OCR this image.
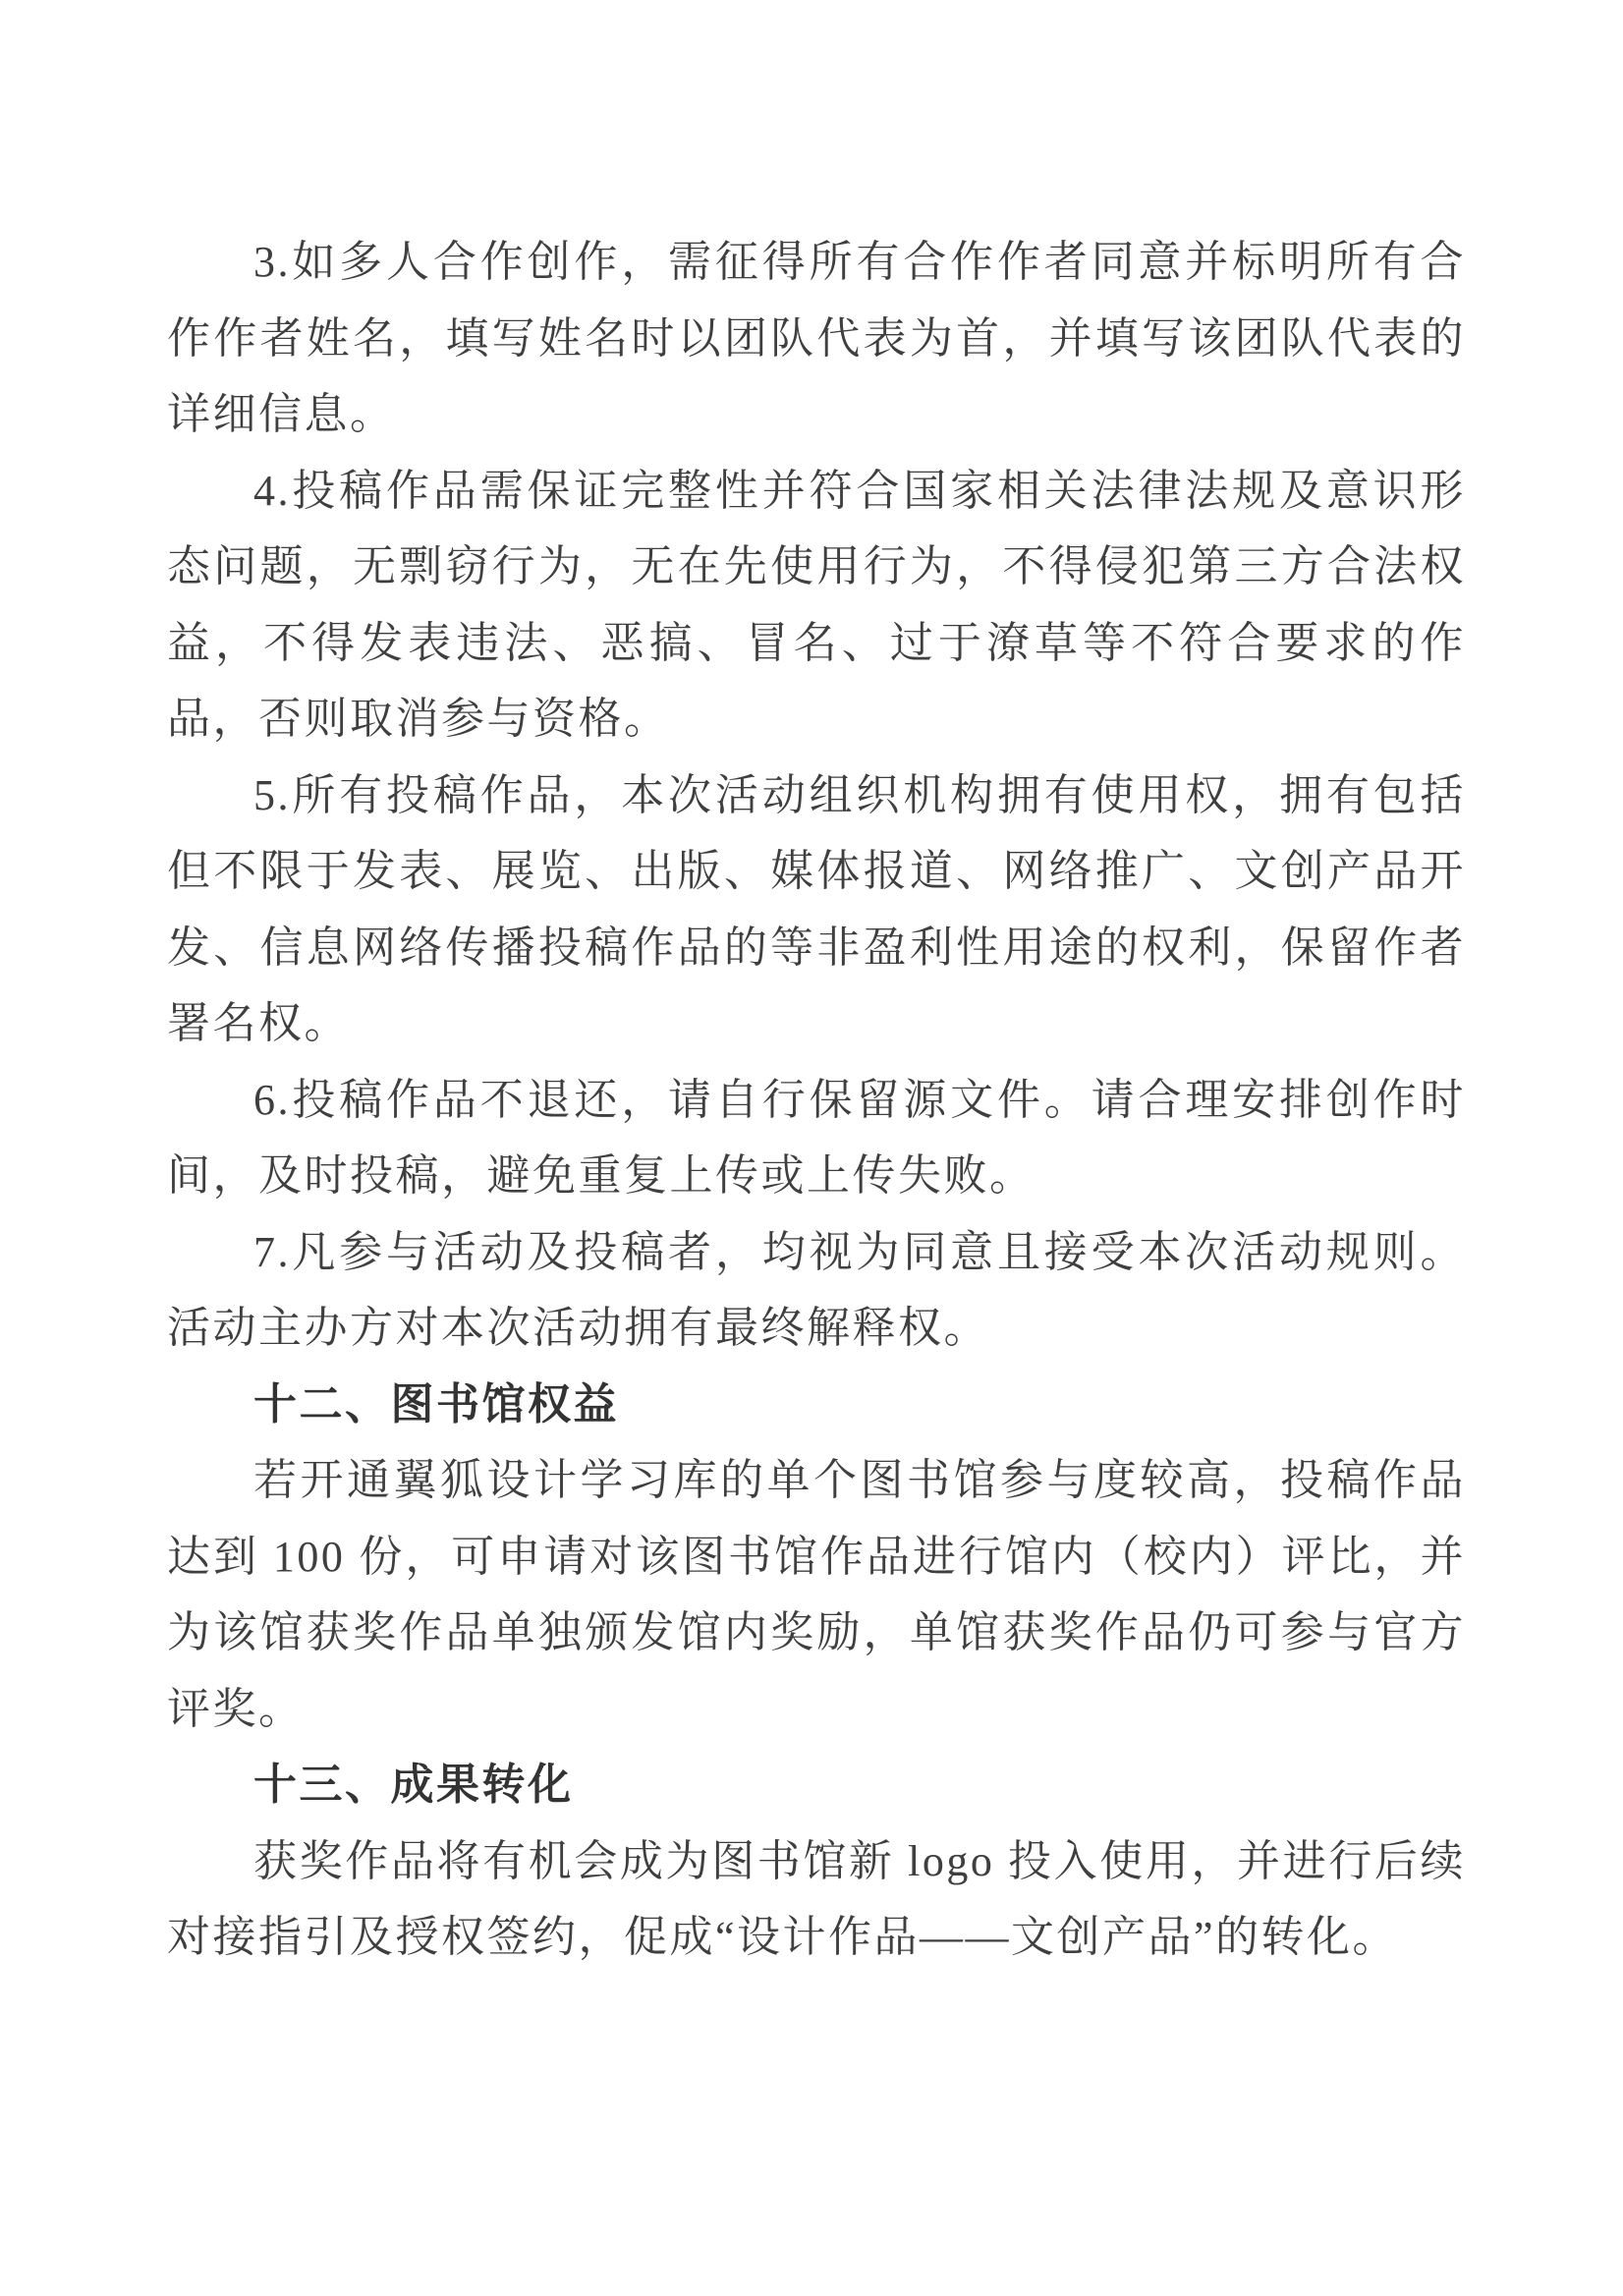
3.如多人合作创作，需征得所有合作作者同意并标明所有合作作者姓名，填写姓名时以团队代表为首，并填写该团队代表的详细信息。

4.投稿作品需保证完整性并符合国家相关法律法规及意识形态问题，无剽窃行为，无在先使用行为，不得侵犯第三方合法权益，不得发表违法、恶搞、冒名、过于潦草等不符合要求的作品，否则取消参与资格。

5.所有投稿作品，本次活动组织机构拥有使用权，拥有包括但不限于发表、展览、出版、媒体报道、网络推广、文创产品开发、信息网络传播投稿作品的等非盈利性用途的权利，保留作者署名权。

6.投稿作品不退还，请自行保留源文件。请合理安排创作时间，及时投稿，避免重复上传或上传失败。

7.凡参与活动及投稿者，均视为同意且接受本次活动规则。活动主办方对本次活动拥有最终解释权。

十二、图书馆权益

若开通翼狐设计学习库的单个图书馆参与度较高，投稿作品达到 100 份，可申请对该图书馆作品进行馆内（校内）评比，并为该馆获奖作品单独颁发馆内奖励，单馆获奖作品仍可参与官方评奖。

十三、成果转化

获奖作品将有机会成为图书馆新 logo 投入使用，并进行后续对接指引及授权签约，促成“设计作品——文创产品”的转化。
